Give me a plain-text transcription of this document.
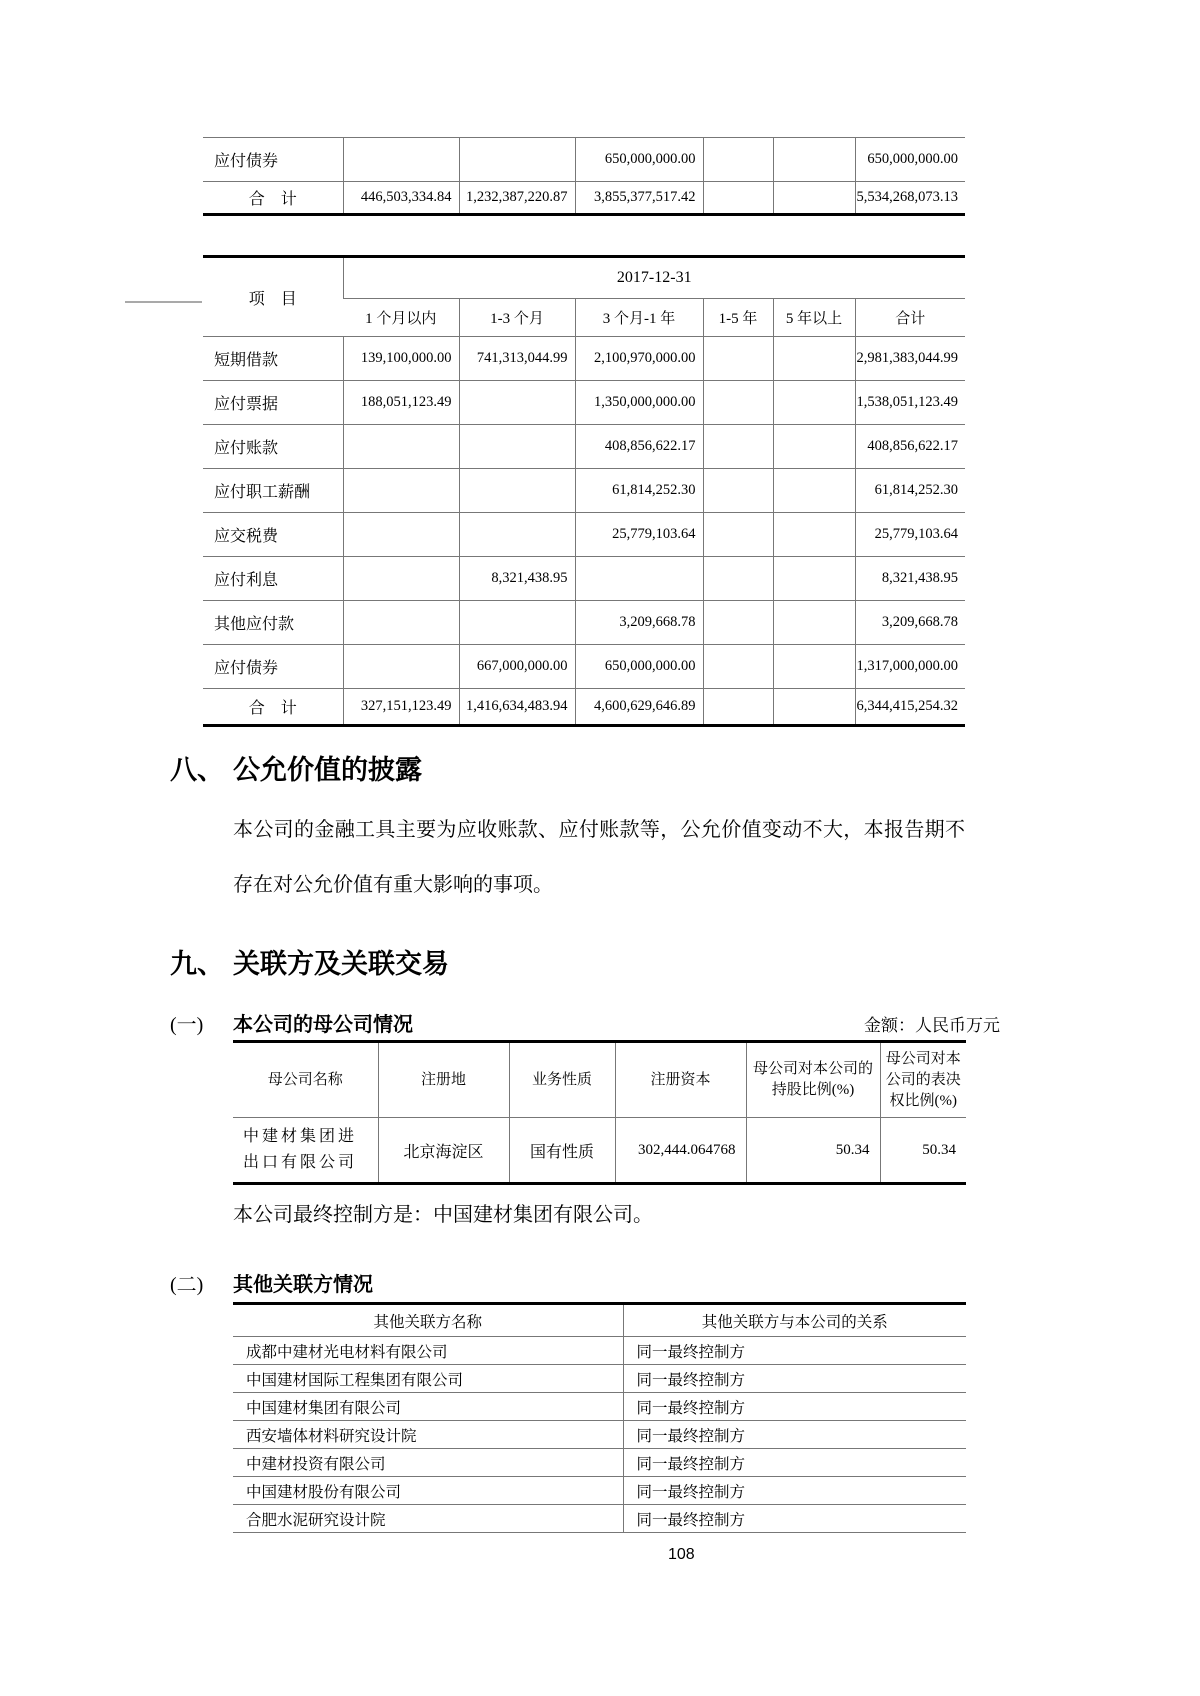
应付债券			650,000,000.00			650,000,000.00
合　计	446,503,334.84	1,232,387,220.87	3,855,377,517.42			5,534,268,073.13
项　目	2017-12-31					
	1 个月以内	1-3 个月	3 个月-1 年	1-5 年	5 年以上	合计
短期借款	139,100,000.00	741,313,044.99	2,100,970,000.00			2,981,383,044.99
应付票据	188,051,123.49		1,350,000,000.00			1,538,051,123.49
应付账款			408,856,622.17			408,856,622.17
应付职工薪酬			61,814,252.30			61,814,252.30
应交税费			25,779,103.64			25,779,103.64
应付利息		8,321,438.95				8,321,438.95
其他应付款			3,209,668.78			3,209,668.78
应付债券		667,000,000.00	650,000,000.00			1,317,000,000.00
合　计	327,151,123.49	1,416,634,483.94	4,600,629,646.89			6,344,415,254.32
八、 公允价值的披露
本公司的金融工具主要为应收账款、应付账款等，公允价值变动不大，本报告期不存在对公允价值有重大影响的事项。
九、 关联方及关联交易
(一)	本公司的母公司情况	金额：人民币万元
母公司名称	注册地	业务性质	注册资本	母公司对本公司的持股比例(%)	母公司对本公司的表决权比例(%)
中建材集团进出口有限公司	北京海淀区	国有性质	302,444.064768	50.34	50.34
本公司最终控制方是：中国建材集团有限公司。
(二)	其他关联方情况
其他关联方名称	其他关联方与本公司的关系
成都中建材光电材料有限公司	同一最终控制方
中国建材国际工程集团有限公司	同一最终控制方
中国建材集团有限公司	同一最终控制方
西安墙体材料研究设计院	同一最终控制方
中建材投资有限公司	同一最终控制方
中国建材股份有限公司	同一最终控制方
合肥水泥研究设计院	同一最终控制方
108
